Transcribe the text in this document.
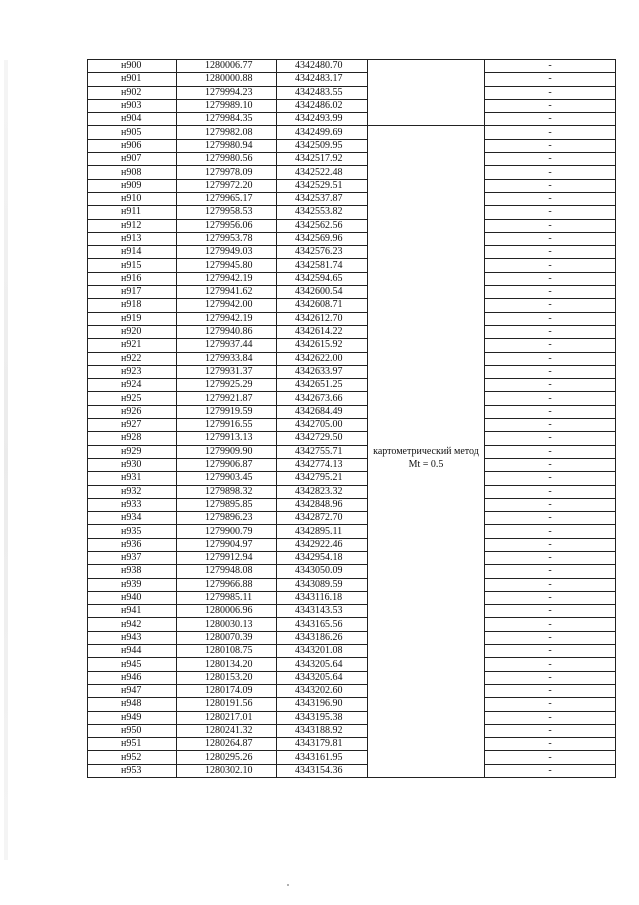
н900	1280006.77	4342480.70		-
н901	1280000.88	4342483.17		-
н902	1279994.23	4342483.55		-
н903	1279989.10	4342486.02		-
н904	1279984.35	4342493.99		-
н905	1279982.08	4342499.69	картометрический метод Mt = 0.5	-
н906	1279980.94	4342509.95		-
н907	1279980.56	4342517.92		-
н908	1279978.09	4342522.48		-
н909	1279972.20	4342529.51		-
н910	1279965.17	4342537.87		-
н911	1279958.53	4342553.82		-
н912	1279956.06	4342562.56		-
н913	1279953.78	4342569.96		-
н914	1279949.03	4342576.23		-
н915	1279945.80	4342581.74		-
н916	1279942.19	4342594.65		-
н917	1279941.62	4342600.54		-
н918	1279942.00	4342608.71		-
н919	1279942.19	4342612.70		-
н920	1279940.86	4342614.22		-
н921	1279937.44	4342615.92		-
н922	1279933.84	4342622.00		-
н923	1279931.37	4342633.97		-
н924	1279925.29	4342651.25		-
н925	1279921.87	4342673.66		-
н926	1279919.59	4342684.49		-
н927	1279916.55	4342705.00		-
н928	1279913.13	4342729.50		-
н929	1279909.90	4342755.71		-
н930	1279906.87	4342774.13		-
н931	1279903.45	4342795.21		-
н932	1279898.32	4342823.32		-
н933	1279895.85	4342848.96		-
н934	1279896.23	4342872.70		-
н935	1279900.79	4342895.11		-
н936	1279904.97	4342922.46		-
н937	1279912.94	4342954.18		-
н938	1279948.08	4343050.09		-
н939	1279966.88	4343089.59		-
н940	1279985.11	4343116.18		-
н941	1280006.96	4343143.53		-
н942	1280030.13	4343165.56		-
н943	1280070.39	4343186.26		-
н944	1280108.75	4343201.08		-
н945	1280134.20	4343205.64		-
н946	1280153.20	4343205.64		-
н947	1280174.09	4343202.60		-
н948	1280191.56	4343196.90		-
н949	1280217.01	4343195.38		-
н950	1280241.32	4343188.92		-
н951	1280264.87	4343179.81		-
н952	1280295.26	4343161.95		-
н953	1280302.10	4343154.36		-
